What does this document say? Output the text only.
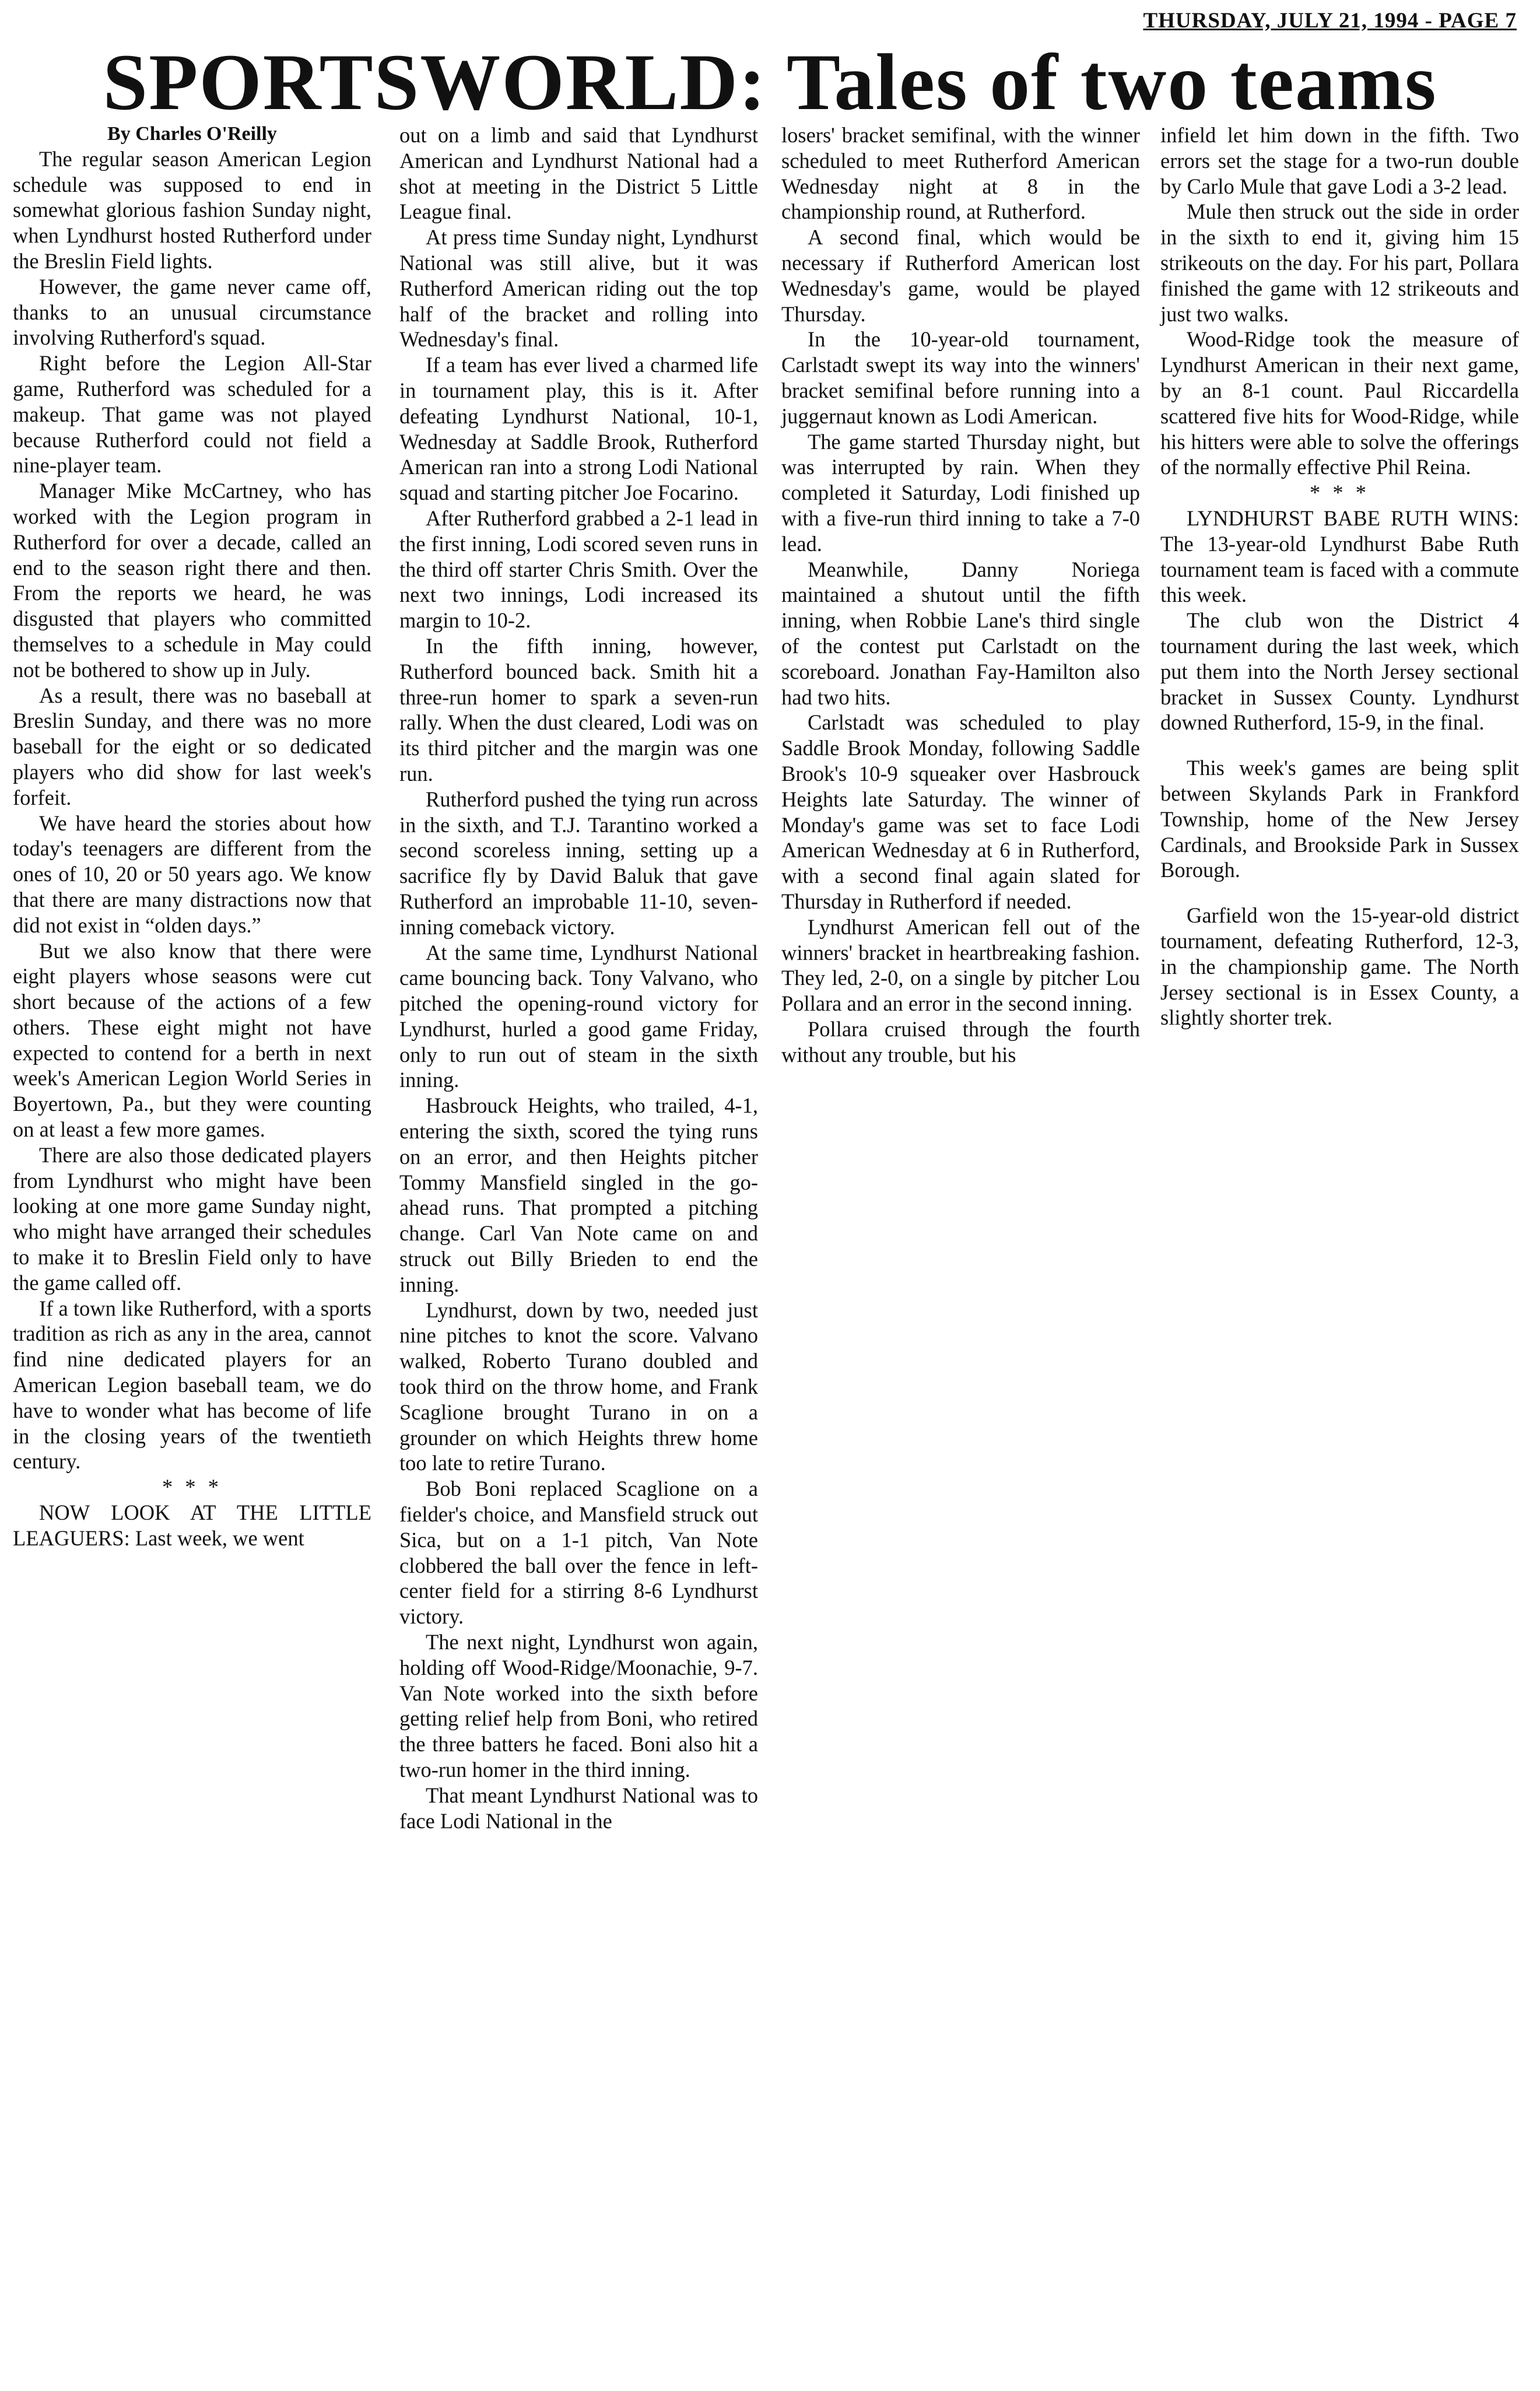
THURSDAY, JULY 21, 1994 - PAGE 7
SPORTSWORLD: Tales of two teams

By Charles O'Reilly

The regular season American Legion schedule was supposed to end in somewhat glorious fashion Sunday night, when Lyndhurst hosted Rutherford under the Breslin Field lights.

However, the game never came off, thanks to an unusual circumstance involving Rutherford's squad.

Right before the Legion All-Star game, Rutherford was scheduled for a makeup. That game was not played because Rutherford could not field a nine-player team.

Manager Mike McCartney, who has worked with the Legion program in Rutherford for over a decade, called an end to the season right there and then. From the reports we heard, he was disgusted that players who committed themselves to a schedule in May could not be bothered to show up in July.

As a result, there was no baseball at Breslin Sunday, and there was no more baseball for the eight or so dedicated players who did show for last week's forfeit.

We have heard the stories about how today's teenagers are different from the ones of 10, 20 or 50 years ago. We know that there are many distractions now that did not exist in “olden days.”

But we also know that there were eight players whose seasons were cut short because of the actions of a few others. These eight might not have expected to contend for a berth in next week's American Legion World Series in Boyertown, Pa., but they were counting on at least a few more games.

There are also those dedicated players from Lyndhurst who might have been looking at one more game Sunday night, who might have arranged their schedules to make it to Breslin Field only to have the game called off.

If a town like Rutherford, with a sports tradition as rich as any in the area, cannot find nine dedicated players for an American Legion baseball team, we do have to wonder what has become of life in the closing years of the twentieth century.

* * *

NOW LOOK AT THE LITTLE LEAGUERS: Last week, we went

out on a limb and said that Lyndhurst American and Lyndhurst National had a shot at meeting in the District 5 Little League final.

At press time Sunday night, Lyndhurst National was still alive, but it was Rutherford American riding out the top half of the bracket and rolling into Wednesday's final.

If a team has ever lived a charmed life in tournament play, this is it. After defeating Lyndhurst National, 10-1, Wednesday at Saddle Brook, Rutherford American ran into a strong Lodi National squad and starting pitcher Joe Focarino.

After Rutherford grabbed a 2-1 lead in the first inning, Lodi scored seven runs in the third off starter Chris Smith. Over the next two innings, Lodi increased its margin to 10-2.

In the fifth inning, however, Rutherford bounced back. Smith hit a three-run homer to spark a seven-run rally. When the dust cleared, Lodi was on its third pitcher and the margin was one run.

Rutherford pushed the tying run across in the sixth, and T.J. Tarantino worked a second scoreless inning, setting up a sacrifice fly by David Baluk that gave Rutherford an improbable 11-10, seven-inning comeback victory.

At the same time, Lyndhurst National came bouncing back. Tony Valvano, who pitched the opening-round victory for Lyndhurst, hurled a good game Friday, only to run out of steam in the sixth inning.

Hasbrouck Heights, who trailed, 4-1, entering the sixth, scored the tying runs on an error, and then Heights pitcher Tommy Mansfield singled in the go-ahead runs. That prompted a pitching change. Carl Van Note came on and struck out Billy Brieden to end the inning.

Lyndhurst, down by two, needed just nine pitches to knot the score. Valvano walked, Roberto Turano doubled and took third on the throw home, and Frank Scaglione brought Turano in on a grounder on which Heights threw home too late to retire Turano.

Bob Boni replaced Scaglione on a fielder's choice, and Mansfield struck out Sica, but on a 1-1 pitch, Van Note clobbered the ball over the fence in left-center field for a stirring 8-6 Lyndhurst victory.

The next night, Lyndhurst won again, holding off Wood-Ridge/Moonachie, 9-7. Van Note worked into the sixth before getting relief help from Boni, who retired the three batters he faced. Boni also hit a two-run homer in the third inning.

That meant Lyndhurst National was to face Lodi National in the

losers' bracket semifinal, with the winner scheduled to meet Rutherford American Wednesday night at 8 in the championship round, at Rutherford.

A second final, which would be necessary if Rutherford American lost Wednesday's game, would be played Thursday.

In the 10-year-old tournament, Carlstadt swept its way into the winners' bracket semifinal before running into a juggernaut known as Lodi American.

The game started Thursday night, but was interrupted by rain. When they completed it Saturday, Lodi finished up with a five-run third inning to take a 7-0 lead.

Meanwhile, Danny Noriega maintained a shutout until the fifth inning, when Robbie Lane's third single of the contest put Carlstadt on the scoreboard. Jonathan Fay-Hamilton also had two hits.

Carlstadt was scheduled to play Saddle Brook Monday, following Saddle Brook's 10-9 squeaker over Hasbrouck Heights late Saturday. The winner of Monday's game was set to face Lodi American Wednesday at 6 in Rutherford, with a second final again slated for Thursday in Rutherford if needed.

Lyndhurst American fell out of the winners' bracket in heartbreaking fashion. They led, 2-0, on a single by pitcher Lou Pollara and an error in the second inning.

Pollara cruised through the fourth without any trouble, but his

infield let him down in the fifth. Two errors set the stage for a two-run double by Carlo Mule that gave Lodi a 3-2 lead.

Mule then struck out the side in order in the sixth to end it, giving him 15 strikeouts on the day. For his part, Pollara finished the game with 12 strikeouts and just two walks.

Wood-Ridge took the measure of Lyndhurst American in their next game, by an 8-1 count. Paul Riccardella scattered five hits for Wood-Ridge, while his hitters were able to solve the offerings of the normally effective Phil Reina.

* * *

LYNDHURST BABE RUTH WINS: The 13-year-old Lyndhurst Babe Ruth tournament team is faced with a commute this week.

The club won the District 4 tournament during the last week, which put them into the North Jersey sectional bracket in Sussex County. Lyndhurst downed Rutherford, 15-9, in the final.

This week's games are being split between Skylands Park in Frankford Township, home of the New Jersey Cardinals, and Brookside Park in Sussex Borough.

Garfield won the 15-year-old district tournament, defeating Rutherford, 12-3, in the championship game. The North Jersey sectional is in Essex County, a slightly shorter trek.
